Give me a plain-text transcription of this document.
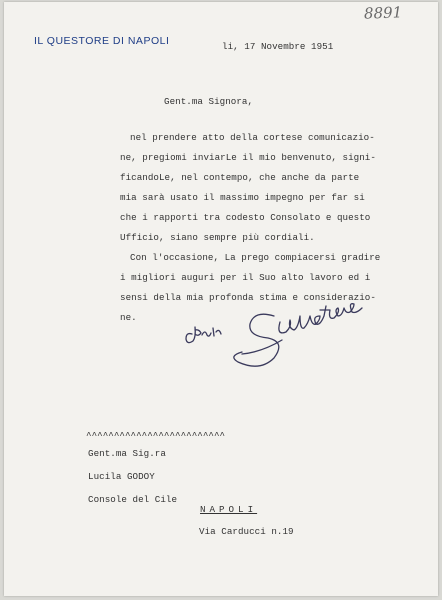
8891
IL QUESTORE DI NAPOLI	li, 17 Novembre 1951
Gent.ma Signora,
nel prendere atto della cortese comunicazio-
ne, pregiomi inviarLe il mio benvenuto, signi-
ficandoLe, nel contempo, che anche da parte
mia sarà usato il massimo impegno per far si
che i rapporti tra codesto Consolato e questo
Ufficio, siano sempre più cordiali.
Con l'occasione, La prego compiacersi gradire
i migliori auguri per il Suo alto lavoro ed i
sensi della mia profonda stima e considerazio-
ne.
^^^^^^^^^^^^^^^^^^^^^^^^^
Gent.ma Sig.ra
Lucila GODOY
Console del Cile
NAPOLI
Via Carducci n.19
